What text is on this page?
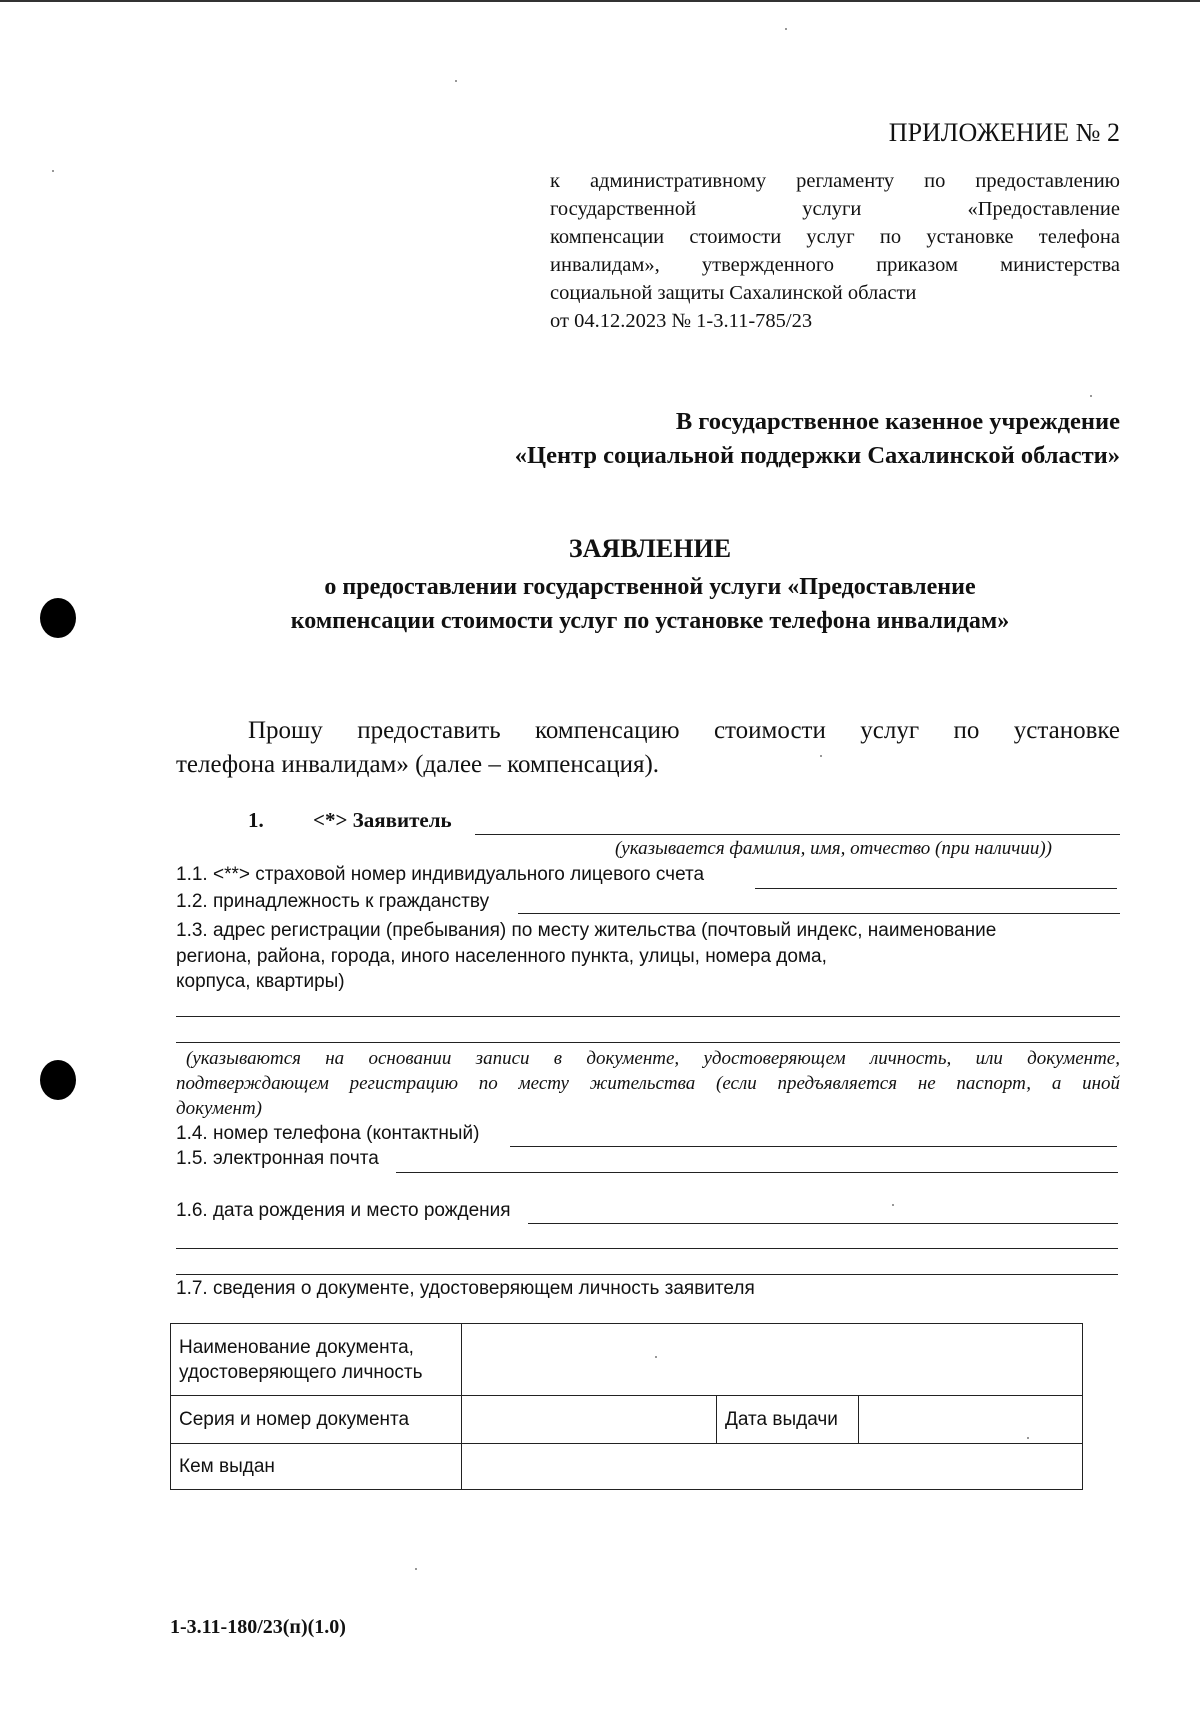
ПРИЛОЖЕНИЕ № 2
к административному регламенту по предоставлению
государственной услуги «Предоставление
компенсации стоимости услуг по установке телефона
инвалидам», утвержденного приказом министерства
социальной защиты Сахалинской области
от 04.12.2023 № 1-3.11-785/23
В государственное казенное учреждение
«Центр социальной поддержки Сахалинской области»
ЗАЯВЛЕНИЕ
о предоставлении государственной услуги «Предоставление
компенсации стоимости услуг по установке телефона инвалидам»
Прошу предоставить компенсацию стоимости услуг по установке
телефона инвалидам» (далее – компенсация).
1. <*> Заявитель
(указывается фамилия, имя, отчество (при наличии))
1.1. <**> страховой номер индивидуального лицевого счета
1.2. принадлежность к гражданству
1.3. адрес регистрации (пребывания) по месту жительства (почтовый индекс, наименование
региона, района, города, иного населенного пункта, улицы, номера дома,
корпуса, квартиры)
(указываются на основании записи в документе, удостоверяющем личность, или документе,
подтверждающем регистрацию по месту жительства (если предъявляется не паспорт, а иной
документ)
1.4. номер телефона (контактный)
1.5. электронная почта
1.6. дата рождения и место рождения
1.7. сведения о документе, удостоверяющем личность заявителя
Наименование документа,
удостоверяющего личность			

Серия и номер документа		Дата выдачи	
Кем выдан			
1-3.11-180/23(п)(1.0)
